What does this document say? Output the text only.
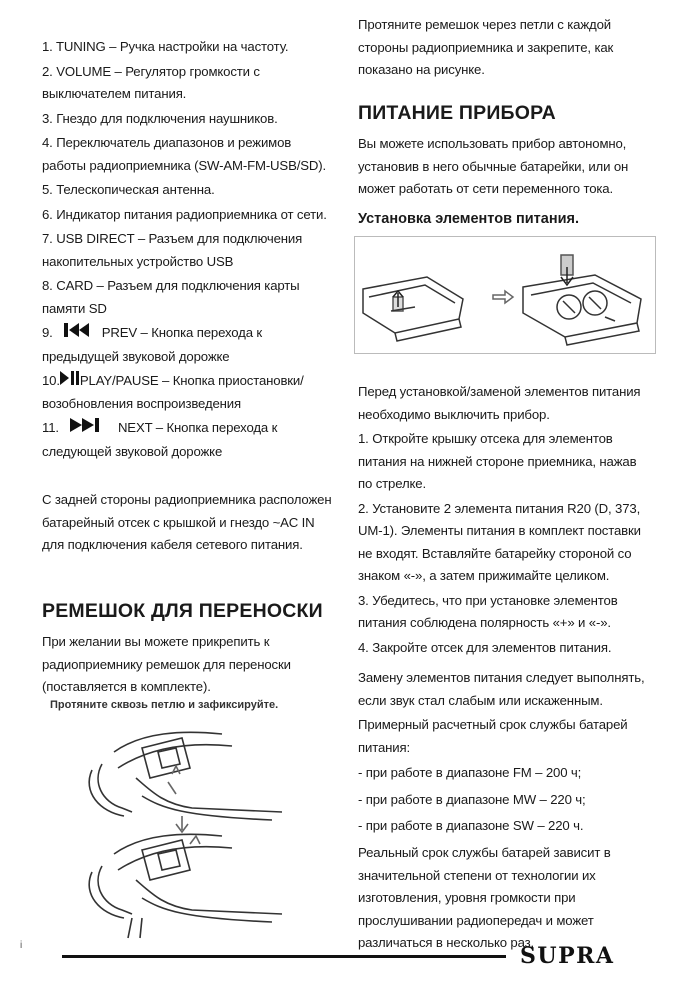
1. TUNING – Ручка настройки на частоту.
2. VOLUME – Регулятор громкости с выключателем питания.
3. Гнездо для подключения наушников.
4. Переключатель диапазонов и режимов работы радиоприемника (SW-AM-FM-USB/SD).
5. Телескопическая антенна.
6. Индикатор питания радиоприемника от сети.
7. USB DIRECT – Разъем для подключения накопительных устройство USB
8. CARD – Разъем для подключения карты памяти SD
9.	PREV – Кнопка перехода к предыдущей звуковой дорожке
10. PLAY/PAUSE – Кнопка приостановки/возобновления воспроизведения
11.	NEXT – Кнопка перехода к следующей звуковой дорожке

С задней стороны радиоприемника расположен батарейный отсек с крышкой и гнездо ~AC IN для подключения кабеля сетевого питания.

РЕМЕШОК ДЛЯ ПЕРЕНОСКИ

При желании вы можете прикрепить к радиоприемнику ремешок для переноски (поставляется в комплекте).

Протяните сквозь петлю и зафиксируйте.

Протяните ремешок через петли с каждой стороны радиоприемника и закрепите, как показано на рисунке.

ПИТАНИЕ ПРИБОРА

Вы можете использовать прибор автономно, установив в него обычные батарейки, или он может работать от сети переменного тока.

Установка элементов питания.

Перед установкой/заменой элементов питания необходимо выключить прибор.

1. Откройте крышку отсека для элементов питания на нижней стороне приемника, нажав по стрелке.
2. Установите 2 элемента питания R20 (D, 373, UM-1). Элементы питания в комплект поставки не входят. Вставляйте батарейку стороной со знаком «-», а затем прижимайте целиком.
3. Убедитесь, что при установке элементов питания соблюдена полярность «+» и «-».
4. Закройте отсек для элементов питания.

Замену элементов питания следует выполнять, если звук стал слабым или искаженным.

Примерный расчетный срок службы батарей питания:

- при работе в диапазоне FM – 200 ч;
- при работе в диапазоне MW – 220 ч;
- при работе в диапазоне SW – 220 ч.

Реальный срок службы батарей зависит в значительной степени от технологии их изготовления, уровня громкости при прослушивании радиопередач и может различаться в несколько раз.

i	SUPRA
